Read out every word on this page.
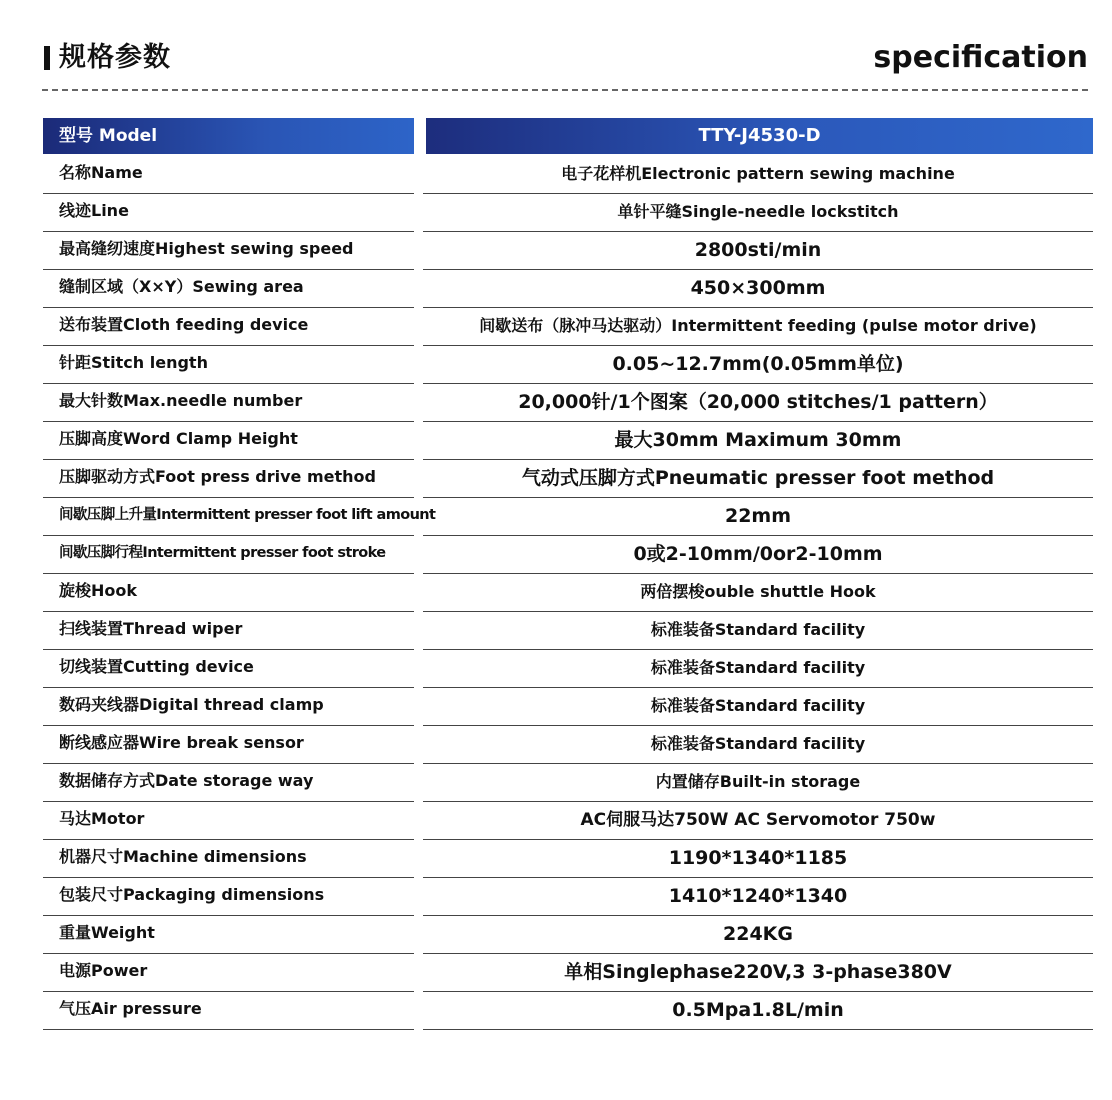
规格参数	specification
型号 Model	TTY-J4530-D
名称Name	电子花样机Electronic pattern sewing machine
线迹Line	单针平缝Single-needle lockstitch
最高缝纫速度Highest sewing speed	2800sti/min
缝制区域（X×Y）Sewing area	450×300mm
送布装置Cloth feeding device	间歇送布（脉冲马达驱动）Intermittent feeding (pulse motor drive)
针距Stitch length	0.05~12.7mm(0.05mm单位)
最大针数Max.needle number	20,000针/1个图案（20,000 stitches/1 pattern）
压脚高度Word Clamp Height	最大30mm Maximum 30mm
压脚驱动方式Foot press drive method	气动式压脚方式Pneumatic presser foot method
间歇压脚上升量Intermittent presser foot lift amount	22mm
间歇压脚行程Intermittent presser foot stroke	0或2-10mm/0or2-10mm
旋梭Hook	两倍摆梭ouble shuttle Hook
扫线装置Thread wiper	标准装备Standard facility
切线装置Cutting device	标准装备Standard facility
数码夹线器Digital thread clamp	标准装备Standard facility
断线感应器Wire break sensor	标准装备Standard facility
数据储存方式Date storage way	内置储存Built-in storage
马达Motor	AC伺服马达750W AC Servomotor 750w
机器尺寸Machine dimensions	1190*1340*1185
包装尺寸Packaging dimensions	1410*1240*1340
重量Weight	224KG
电源Power	单相Singlephase220V,3 3-phase380V
气压Air pressure	0.5Mpa1.8L/min
